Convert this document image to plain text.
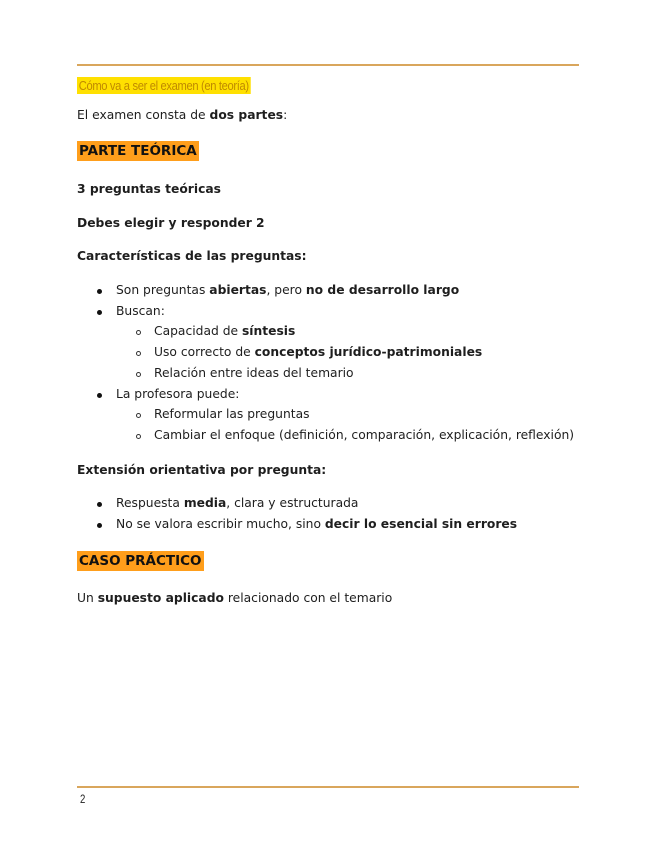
Cómo va a ser el examen (en teoría)
El examen consta de dos partes:
PARTE TEÓRICA
3 preguntas teóricas
Debes elegir y responder 2
Características de las preguntas:
Son preguntas abiertas, pero no de desarrollo largo
Buscan:
Capacidad de síntesis
Uso correcto de conceptos jurídico-patrimoniales
Relación entre ideas del temario
La profesora puede:
Reformular las preguntas
Cambiar el enfoque (definición, comparación, explicación, reflexión)
Extensión orientativa por pregunta:
Respuesta media, clara y estructurada
No se valora escribir mucho, sino decir lo esencial sin errores
CASO PRÁCTICO
Un supuesto aplicado relacionado con el temario
2
